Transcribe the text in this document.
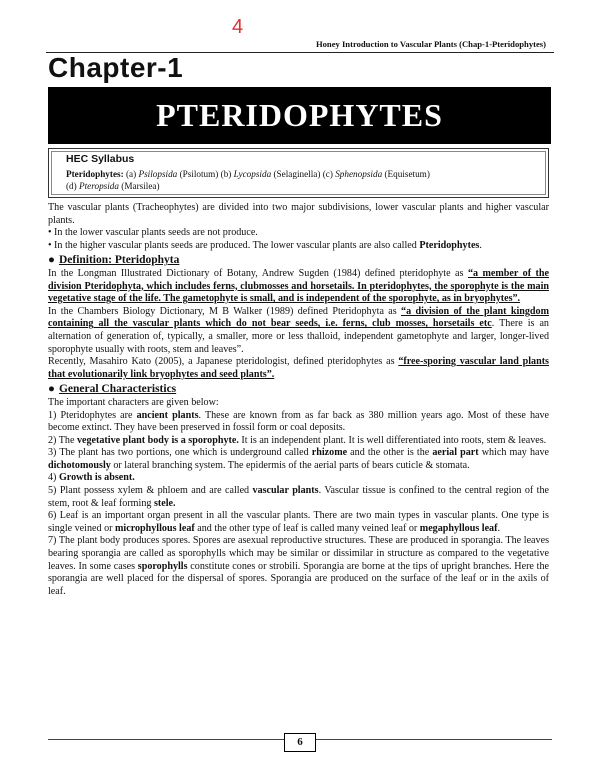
4
Honey Introduction to Vascular Plants (Chap-1-Pteridophytes)
Chapter-1
PTERIDOPHYTES

HEC Syllabus

Pteridophytes: (a) Psilopsida (Psilotum) (b) Lycopsida (Selaginella) (c) Sphenopsida (Equisetum)
(d) Pteropsida (Marsilea)

The vascular plants (Tracheophytes) are divided into two major subdivisions, lower vascular plants and higher vascular plants.

• In the lower vascular plants seeds are not produce.

• In the higher vascular plants seeds are produced. The lower vascular plants are also called Pteridophytes.

● Definition: Pteridophyta

In the Longman Illustrated Dictionary of Botany, Andrew Sugden (1984) defined pteridophyte as “a member of the division Pteridophyta, which includes ferns, clubmosses and horsetails. In pteridophytes, the sporophyte is the main vegetative stage of the life. The gametophyte is small, and is independent of the sporophyte, as in bryophytes”.

In the Chambers Biology Dictionary, M B Walker (1989) defined Pteridophyta as “a division of the plant kingdom containing all the vascular plants which do not bear seeds, i.e. ferns, club mosses, horsetails etc. There is an alternation of generation of, typically, a smaller, more or less thalloid, independent gametophyte and larger, longer-lived sporophyte usually with roots, stem and leaves”.

Recently, Masahiro Kato (2005), a Japanese pteridologist, defined pteridophytes as “free-sporing vascular land plants that evolutionarily link bryophytes and seed plants”.

● General Characteristics

The important characters are given below:

1) Pteridophytes are ancient plants. These are known from as far back as 380 million years ago. Most of these have become extinct. They have been preserved in fossil form or coal deposits.

2) The vegetative plant body is a sporophyte. It is an independent plant. It is well differentiated into roots, stem & leaves.

3) The plant has two portions, one which is underground called rhizome and the other is the aerial part which may have dichotomously or lateral branching system. The epidermis of the aerial parts of bears cuticle & stomata.

4) Growth is absent.

5) Plant possess xylem & phloem and are called vascular plants. Vascular tissue is confined to the central region of the stem, root & leaf forming stele.

6) Leaf is an important organ present in all the vascular plants. There are two main types in vascular plants. One type is single veined or microphyllous leaf and the other type of leaf is called many veined leaf or megaphyllous leaf.

7) The plant body produces spores. Spores are asexual reproductive structures. These are produced in sporangia. The leaves bearing sporangia are called as sporophylls which may be similar or dissimilar in structure as compared to the vegetative leaves. In some cases sporophylls constitute cones or strobili. Sporangia are borne at the tips of upright branches. Here the sporangia are well placed for the dispersal of spores. Sporangia are produced on the surface of the leaf or in the axils of leaf.

6
